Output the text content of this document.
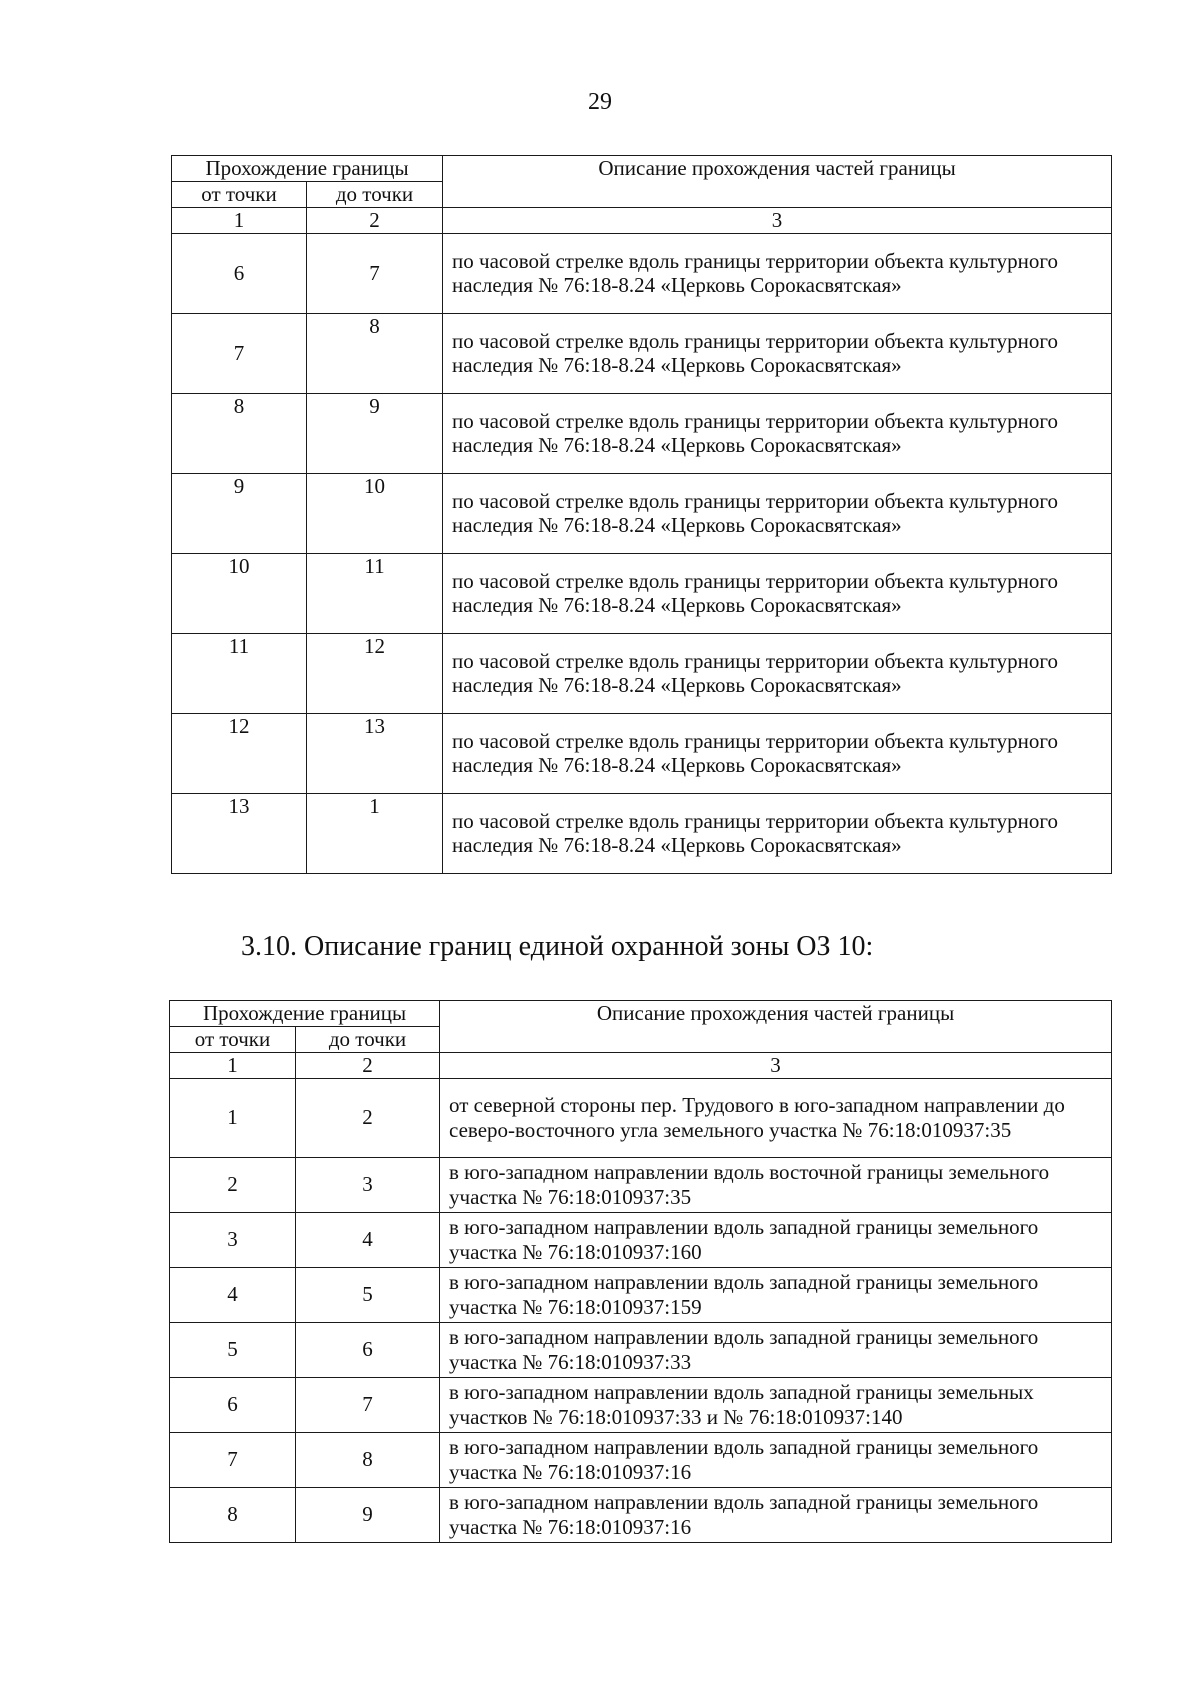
29
Прохождение границы		Описание прохождения частей границы
от точки	до точки	
1	2	3
6	7	по часовой стрелке вдоль границы территории объекта культурного наследия № 76:18-8.24 «Церковь Сорокасвятская»
7	8	по часовой стрелке вдоль границы территории объекта культурного наследия № 76:18-8.24 «Церковь Сорокасвятская»
8	9	по часовой стрелке вдоль границы территории объекта культурного наследия № 76:18-8.24 «Церковь Сорокасвятская»
9	10	по часовой стрелке вдоль границы территории объекта культурного наследия № 76:18-8.24 «Церковь Сорокасвятская»
10	11	по часовой стрелке вдоль границы территории объекта культурного наследия № 76:18-8.24 «Церковь Сорокасвятская»
11	12	по часовой стрелке вдоль границы территории объекта культурного наследия № 76:18-8.24 «Церковь Сорокасвятская»
12	13	по часовой стрелке вдоль границы территории объекта культурного наследия № 76:18-8.24 «Церковь Сорокасвятская»
13	1	по часовой стрелке вдоль границы территории объекта культурного наследия № 76:18-8.24 «Церковь Сорокасвятская»
3.10. Описание границ единой охранной зоны ОЗ 10:
Прохождение границы		Описание прохождения частей границы
от точки	до точки	
1	2	3
1	2	от северной стороны пер. Трудового в юго-западном направлении до северо-восточного угла земельного участка № 76:18:010937:35
2	3	в юго-западном направлении вдоль восточной границы земельного участка № 76:18:010937:35
3	4	в юго-западном направлении вдоль западной границы земельного участка № 76:18:010937:160
4	5	в юго-западном направлении вдоль западной границы земельного участка № 76:18:010937:159
5	6	в юго-западном направлении вдоль западной границы земельного участка № 76:18:010937:33
6	7	в юго-западном направлении вдоль западной границы земельных участков № 76:18:010937:33 и № 76:18:010937:140
7	8	в юго-западном направлении вдоль западной границы земельного участка № 76:18:010937:16
8	9	в юго-западном направлении вдоль западной границы земельного участка № 76:18:010937:16
